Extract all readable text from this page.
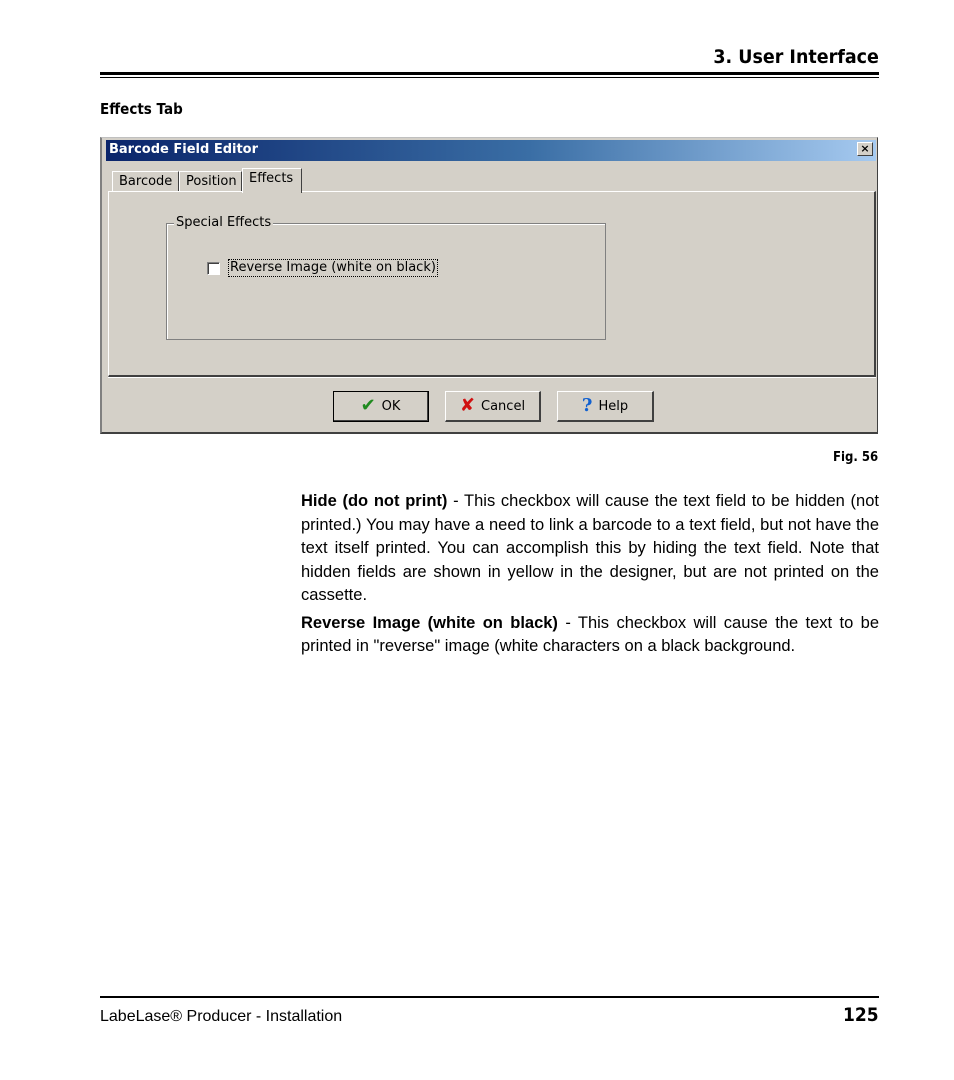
3. User Interface
Effects Tab
Barcode Field Editor	×
Barcode	Position Effects
Special Effects
Reverse Image (white on black)
✔ OK	✘ Cancel	? Help
Fig. 56

Hide (do not print) - This checkbox will cause the text field to be hidden (not printed.) You may have a need to link a barcode to a text field, but not have the text itself printed. You can accomplish this by hiding the text field. Note that hidden fields are shown in yellow in the designer, but are not printed on the cassette.

Reverse Image (white on black) - This checkbox will cause the text to be printed in "reverse" image (white characters on a black background.

LabeLase® Producer - Installation	125
